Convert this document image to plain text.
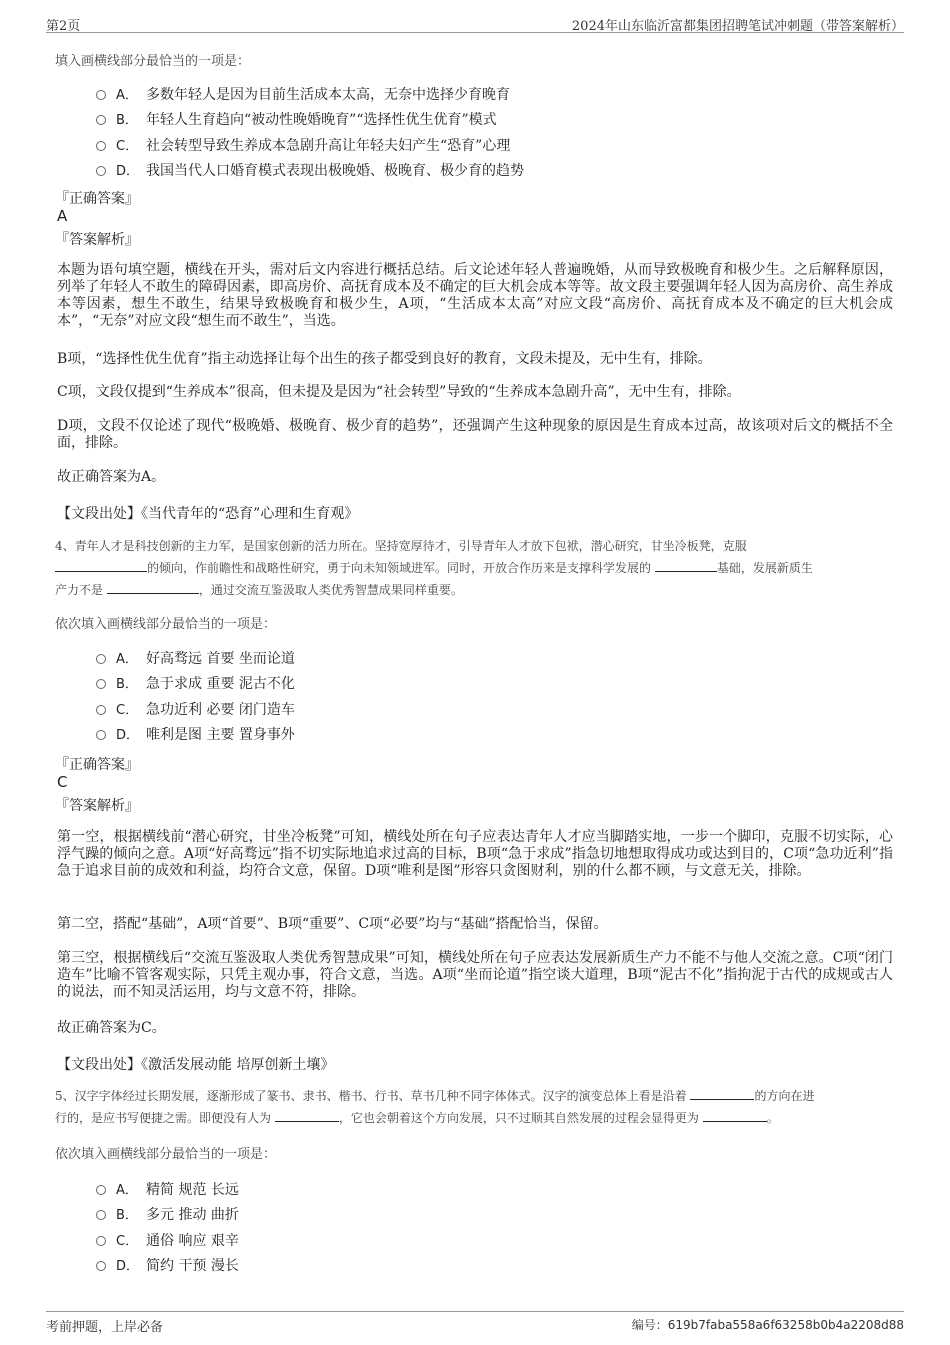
第2页	2024年山东临沂富都集团招聘笔试冲刺题（带答案解析）
填入画横线部分最恰当的一项是：
A． 多数年轻人是因为目前生活成本太高，无奈中选择少育晚育
B． 年轻人生育趋向“被动性晚婚晚育”“选择性优生优育”模式
C． 社会转型导致生养成本急剧升高让年轻夫妇产生“恐育”心理
D． 我国当代人口婚育模式表现出极晚婚、极晚育、极少育的趋势
『正确答案』
A
『答案解析』
本题为语句填空题，横线在开头，需对后文内容进行概括总结。后文论述年轻人普遍晚婚，从而导致极晚育和极少生。之后解释原因，列举了年轻人不敢生的障碍因素，即高房价、高抚育成本及不确定的巨大机会成本等等。故文段主要强调年轻人因为高房价、高生养成本等因素，想生不敢生，结果导致极晚育和极少生，A项，“生活成本太高”对应文段“高房价、高抚育成本及不确定的巨大机会成本”，“无奈”对应文段“想生而不敢生”，当选。
B项，“选择性优生优育”指主动选择让每个出生的孩子都受到良好的教育，文段未提及，无中生有，排除。
C项，文段仅提到“生养成本”很高，但未提及是因为“社会转型”导致的“生养成本急剧升高”，无中生有，排除。
D项，文段不仅论述了现代“极晚婚、极晚育、极少育的趋势”，还强调产生这种现象的原因是生育成本过高，故该项对后文的概括不全面，排除。
故正确答案为A。
【文段出处】《当代青年的“恐育”心理和生育观》
4、青年人才是科技创新的主力军，是国家创新的活力所在。坚持宽厚待才，引导青年人才放下包袱，潜心研究，甘坐冷板凳，克服
的倾向，作前瞻性和战略性研究，勇于向未知领域进军。同时，开放合作历来是支撑科学发展的	基础，发展新质生
产力不是	，通过交流互鉴汲取人类优秀智慧成果同样重要。
依次填入画横线部分最恰当的一项是：
A． 好高骛远 首要 坐而论道
B． 急于求成 重要 泥古不化
C． 急功近利 必要 闭门造车
D． 唯利是图 主要 置身事外
『正确答案』
C
『答案解析』
第一空，根据横线前“潜心研究，甘坐冷板凳”可知，横线处所在句子应表达青年人才应当脚踏实地，一步一个脚印，克服不切实际，心浮气躁的倾向之意。A项“好高骛远”指不切实际地追求过高的目标，B项“急于求成”指急切地想取得成功或达到目的，C项“急功近利”指急于追求目前的成效和利益，均符合文意，保留。D项“唯利是图”形容只贪图财利，别的什么都不顾，与文意无关，排除。
第二空，搭配“基础”，A项“首要”、B项“重要”、C项“必要”均与“基础”搭配恰当，保留。
第三空，根据横线后“交流互鉴汲取人类优秀智慧成果”可知，横线处所在句子应表达发展新质生产力不能不与他人交流之意。C项“闭门造车”比喻不管客观实际，只凭主观办事，符合文意，当选。A项“坐而论道”指空谈大道理，B项“泥古不化”指拘泥于古代的成规或古人的说法，而不知灵活运用，均与文意不符，排除。
故正确答案为C。
【文段出处】《激活发展动能 培厚创新土壤》
5、汉字字体经过长期发展，逐渐形成了篆书、隶书、楷书、行书、草书几种不同字体体式。汉字的演变总体上看是沿着	的方向在进
行的，是应书写便捷之需。即便没有人为	，它也会朝着这个方向发展，只不过顺其自然发展的过程会显得更为	。
依次填入画横线部分最恰当的一项是：
A． 精简 规范 长远
B． 多元 推动 曲折
C． 通俗 响应 艰辛
D． 简约 干预 漫长
考前押题，上岸必备	编号：619b7faba558a6f63258b0b4a2208d88
